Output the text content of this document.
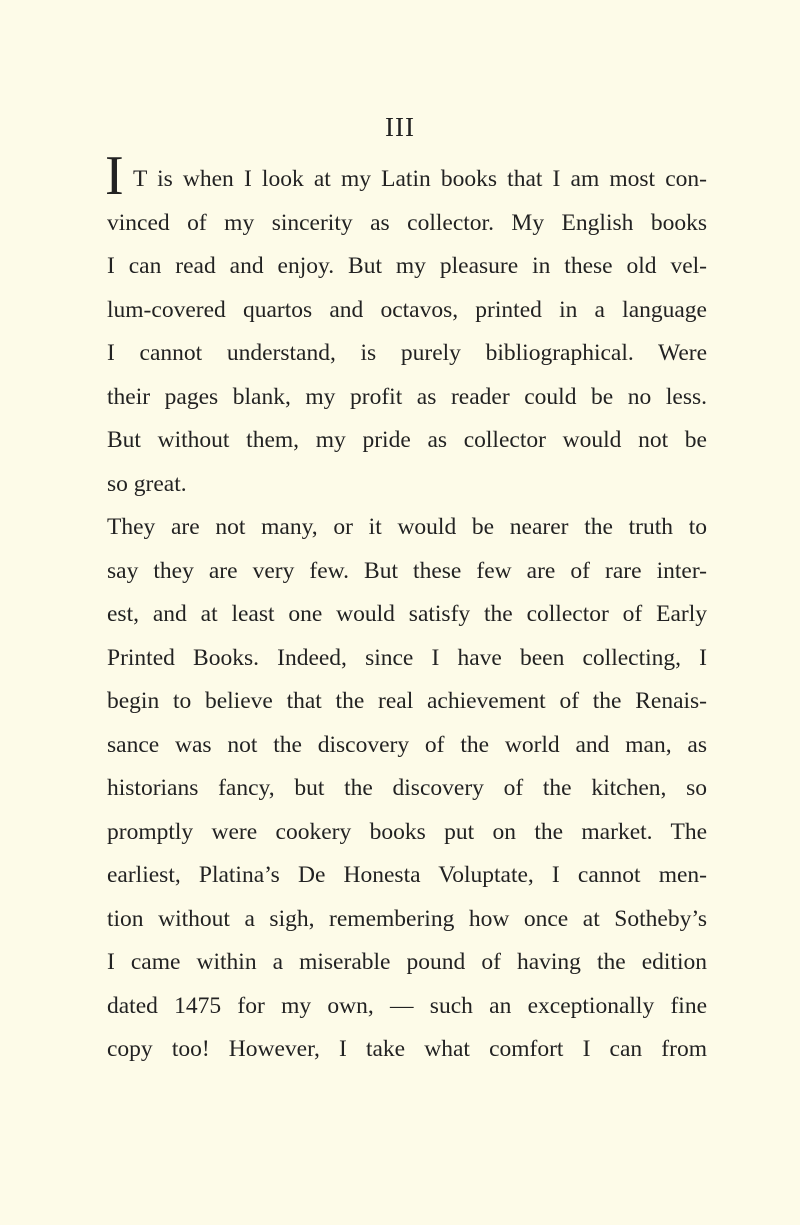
III
I T is when I look at my Latin books that I am most con-
vinced of my sincerity as collector. My English books
I can read and enjoy. But my pleasure in these old vel-
lum-covered quartos and octavos, printed in a language
I cannot understand, is purely bibliographical. Were
their pages blank, my profit as reader could be no less.
But without them, my pride as collector would not be
so great.
They are not many, or it would be nearer the truth to
say they are very few. But these few are of rare inter-
est, and at least one would satisfy the collector of Early
Printed Books. Indeed, since I have been collecting, I
begin to believe that the real achievement of the Renais-
sance was not the discovery of the world and man, as
historians fancy, but the discovery of the kitchen, so
promptly were cookery books put on the market. The
earliest, Platina’s De Honesta Voluptate, I cannot men-
tion without a sigh, remembering how once at Sotheby’s
I came within a miserable pound of having the edition
dated 1475 for my own, — such an exceptionally fine
copy too! However, I take what comfort I can from
